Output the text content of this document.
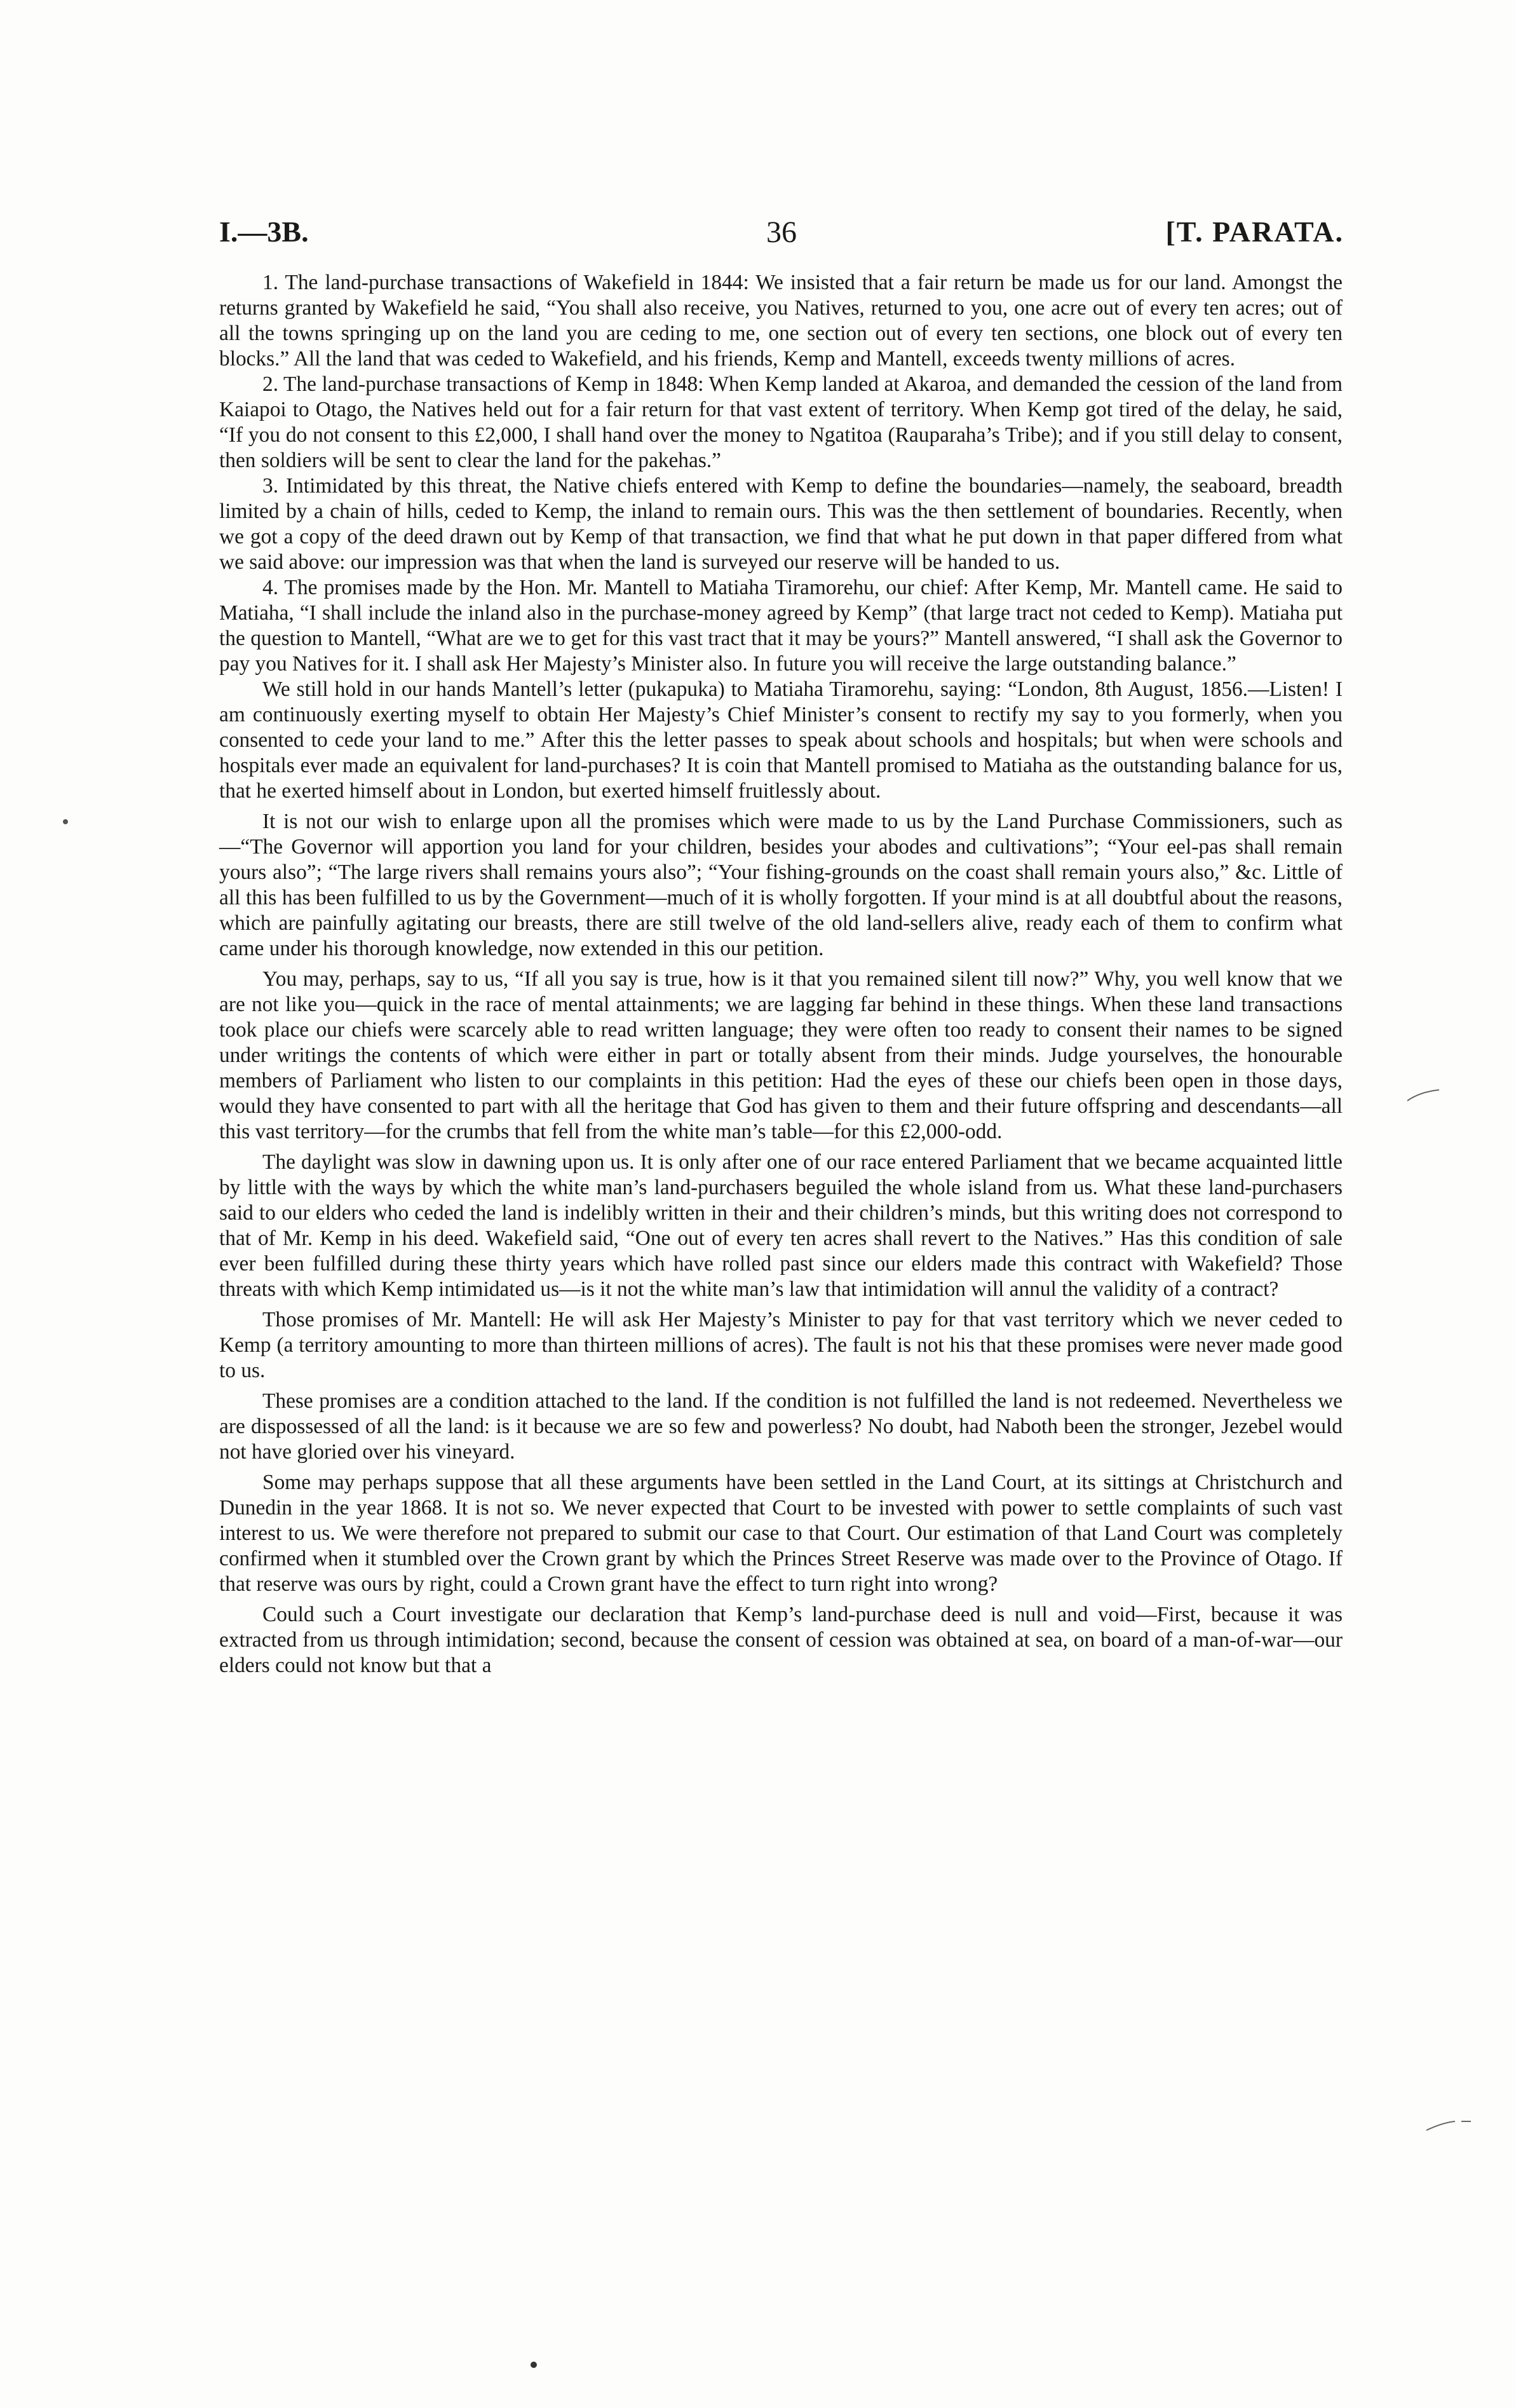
I.—3B.	36	[T. PARATA.

1. The land-purchase transactions of Wakefield in 1844: We insisted that a fair return be made us for our land. Amongst the returns granted by Wakefield he said, “You shall also receive, you Natives, returned to you, one acre out of every ten acres; out of all the towns springing up on the land you are ceding to me, one section out of every ten sections, one block out of every ten blocks.” All the land that was ceded to Wakefield, and his friends, Kemp and Mantell, exceeds twenty millions of acres.

2. The land-purchase transactions of Kemp in 1848: When Kemp landed at Akaroa, and demanded the cession of the land from Kaiapoi to Otago, the Natives held out for a fair return for that vast extent of territory. When Kemp got tired of the delay, he said, “If you do not consent to this £2,000, I shall hand over the money to Ngatitoa (Rauparaha’s Tribe); and if you still delay to consent, then soldiers will be sent to clear the land for the pakehas.”

3. Intimidated by this threat, the Native chiefs entered with Kemp to define the boundaries—namely, the seaboard, breadth limited by a chain of hills, ceded to Kemp, the inland to remain ours. This was the then settlement of boundaries. Recently, when we got a copy of the deed drawn out by Kemp of that transaction, we find that what he put down in that paper differed from what we said above: our impression was that when the land is surveyed our reserve will be handed to us.

4. The promises made by the Hon. Mr. Mantell to Matiaha Tiramorehu, our chief: After Kemp, Mr. Mantell came. He said to Matiaha, “I shall include the inland also in the purchase-money agreed by Kemp” (that large tract not ceded to Kemp). Matiaha put the question to Mantell, “What are we to get for this vast tract that it may be yours?” Mantell answered, “I shall ask the Governor to pay you Natives for it. I shall ask Her Majesty’s Minister also. In future you will receive the large outstanding balance.”

We still hold in our hands Mantell’s letter (pukapuka) to Matiaha Tiramorehu, saying: “London, 8th August, 1856.—Listen! I am continuously exerting myself to obtain Her Majesty’s Chief Minister’s consent to rectify my say to you formerly, when you consented to cede your land to me.” After this the letter passes to speak about schools and hospitals; but when were schools and hospitals ever made an equivalent for land-purchases? It is coin that Mantell promised to Matiaha as the outstanding balance for us, that he exerted himself about in London, but exerted himself fruitlessly about.

It is not our wish to enlarge upon all the promises which were made to us by the Land Purchase Commissioners, such as—“The Governor will apportion you land for your children, besides your abodes and cultivations”; “Your eel-pas shall remain yours also”; “The large rivers shall remains yours also”; “Your fishing-grounds on the coast shall remain yours also,” &c. Little of all this has been fulfilled to us by the Government—much of it is wholly forgotten. If your mind is at all doubtful about the reasons, which are painfully agitating our breasts, there are still twelve of the old land-sellers alive, ready each of them to confirm what came under his thorough knowledge, now extended in this our petition.

You may, perhaps, say to us, “If all you say is true, how is it that you remained silent till now?” Why, you well know that we are not like you—quick in the race of mental attainments; we are lagging far behind in these things. When these land transactions took place our chiefs were scarcely able to read written language; they were often too ready to consent their names to be signed under writings the contents of which were either in part or totally absent from their minds. Judge yourselves, the honourable members of Parliament who listen to our complaints in this petition: Had the eyes of these our chiefs been open in those days, would they have consented to part with all the heritage that God has given to them and their future offspring and descendants—all this vast territory—for the crumbs that fell from the white man’s table—for this £2,000-odd.

The daylight was slow in dawning upon us. It is only after one of our race entered Parliament that we became acquainted little by little with the ways by which the white man’s land-purchasers beguiled the whole island from us. What these land-purchasers said to our elders who ceded the land is indelibly written in their and their children’s minds, but this writing does not correspond to that of Mr. Kemp in his deed. Wakefield said, “One out of every ten acres shall revert to the Natives.” Has this condition of sale ever been fulfilled during these thirty years which have rolled past since our elders made this contract with Wakefield? Those threats with which Kemp intimidated us—is it not the white man’s law that intimidation will annul the validity of a contract?

Those promises of Mr. Mantell: He will ask Her Majesty’s Minister to pay for that vast territory which we never ceded to Kemp (a territory amounting to more than thirteen millions of acres). The fault is not his that these promises were never made good to us.

These promises are a condition attached to the land. If the condition is not fulfilled the land is not redeemed. Nevertheless we are dispossessed of all the land: is it because we are so few and powerless? No doubt, had Naboth been the stronger, Jezebel would not have gloried over his vineyard.

Some may perhaps suppose that all these arguments have been settled in the Land Court, at its sittings at Christchurch and Dunedin in the year 1868. It is not so. We never expected that Court to be invested with power to settle complaints of such vast interest to us. We were therefore not prepared to submit our case to that Court. Our estimation of that Land Court was completely confirmed when it stumbled over the Crown grant by which the Princes Street Reserve was made over to the Province of Otago. If that reserve was ours by right, could a Crown grant have the effect to turn right into wrong?

Could such a Court investigate our declaration that Kemp’s land-purchase deed is null and void—First, because it was extracted from us through intimidation; second, because the consent of cession was obtained at sea, on board of a man-of-war—our elders could not know but that a
